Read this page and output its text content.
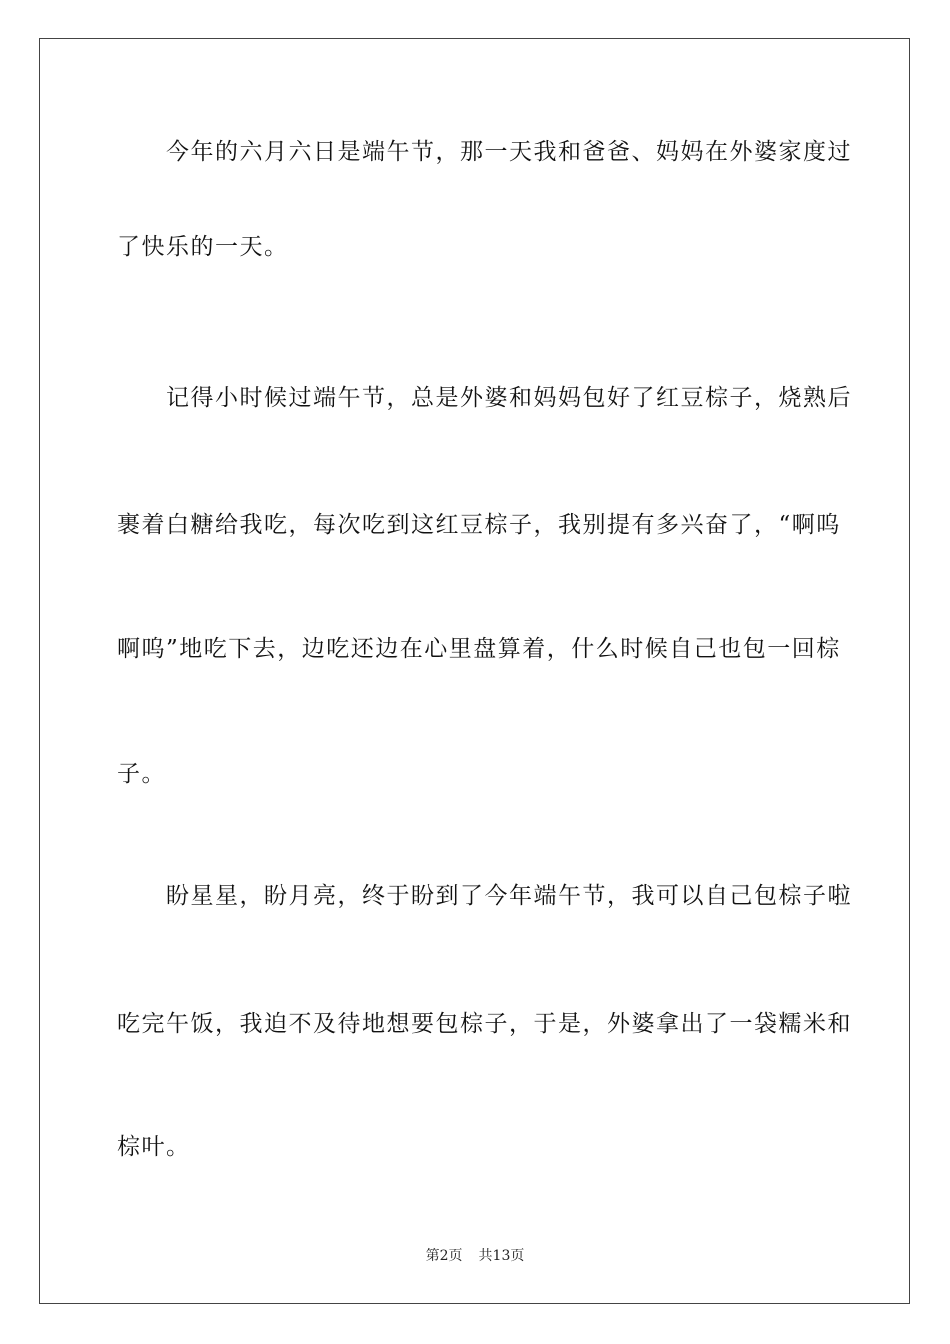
今年的六月六日是端午节，那一天我和爸爸、妈妈在外婆家度过
了快乐的一天。
记得小时候过端午节，总是外婆和妈妈包好了红豆棕子，烧熟后
裹着白糖给我吃，每次吃到这红豆棕子，我别提有多兴奋了，“啊呜
啊呜”地吃下去，边吃还边在心里盘算着，什么时候自己也包一回棕
子。
盼星星，盼月亮，终于盼到了今年端午节，我可以自己包棕子啦
吃完午饭，我迫不及待地想要包棕子，于是，外婆拿出了一袋糯米和
棕叶。
第2页 共13页
